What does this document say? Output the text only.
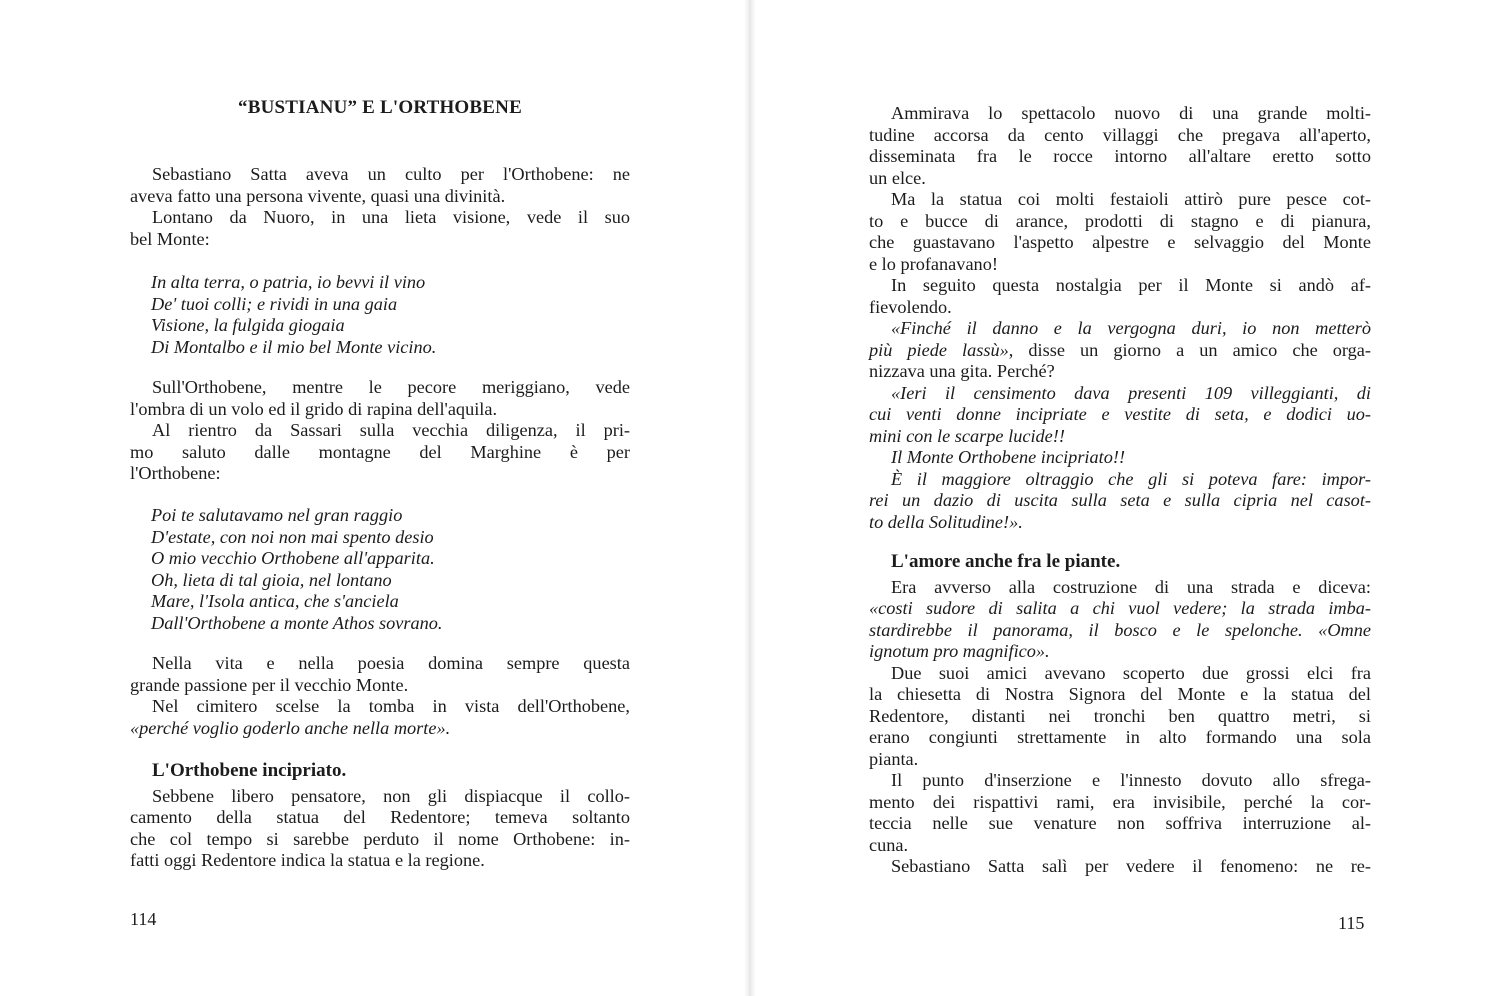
“BUSTIANU” E L'ORTHOBENE
Sebastiano Satta aveva un culto per l'Orthobene: ne
aveva fatto una persona vivente, quasi una divinità.
Lontano da Nuoro, in una lieta visione, vede il suo
bel Monte:
In alta terra, o patria, io bevvi il vino
De' tuoi colli; e rividi in una gaia
Visione, la fulgida giogaia
Di Montalbo e il mio bel Monte vicino.
Sull'Orthobene, mentre le pecore meriggiano, vede
l'ombra di un volo ed il grido di rapina dell'aquila.
Al rientro da Sassari sulla vecchia diligenza, il pri-
mo saluto dalle montagne del Marghine è per
l'Orthobene:
Poi te salutavamo nel gran raggio
D'estate, con noi non mai spento desio
O mio vecchio Orthobene all'apparita.
Oh, lieta di tal gioia, nel lontano
Mare, l'Isola antica, che s'anciela
Dall'Orthobene a monte Athos sovrano.
Nella vita e nella poesia domina sempre questa
grande passione per il vecchio Monte.
Nel cimitero scelse la tomba in vista dell'Orthobene,
«perché voglio goderlo anche nella morte».
L'Orthobene incipriato.
Sebbene libero pensatore, non gli dispiacque il collo-
camento della statua del Redentore; temeva soltanto
che col tempo si sarebbe perduto il nome Orthobene: in-
fatti oggi Redentore indica la statua e la regione.
114
Ammirava lo spettacolo nuovo di una grande molti-
tudine accorsa da cento villaggi che pregava all'aperto,
disseminata fra le rocce intorno all'altare eretto sotto
un elce.
Ma la statua coi molti festaioli attirò pure pesce cot-
to e bucce di arance, prodotti di stagno e di pianura,
che guastavano l'aspetto alpestre e selvaggio del Monte
e lo profanavano!
In seguito questa nostalgia per il Monte si andò af-
fievolendo.
«Finché il danno e la vergogna duri, io non metterò
più piede lassù», disse un giorno a un amico che orga-
nizzava una gita. Perché?
«Ieri il censimento dava presenti 109 villeggianti, di
cui venti donne incipriate e vestite di seta, e dodici uo-
mini con le scarpe lucide!!
Il Monte Orthobene incipriato!!
È il maggiore oltraggio che gli si poteva fare: impor-
rei un dazio di uscita sulla seta e sulla cipria nel casot-
to della Solitudine!».
L'amore anche fra le piante.
Era avverso alla costruzione di una strada e diceva:
«costi sudore di salita a chi vuol vedere; la strada imba-
stardirebbe il panorama, il bosco e le spelonche. «Omne
ignotum pro magnifico».
Due suoi amici avevano scoperto due grossi elci fra
la chiesetta di Nostra Signora del Monte e la statua del
Redentore, distanti nei tronchi ben quattro metri, si
erano congiunti strettamente in alto formando una sola
pianta.
Il punto d'inserzione e l'innesto dovuto allo sfrega-
mento dei rispattivi rami, era invisibile, perché la cor-
teccia nelle sue venature non soffriva interruzione al-
cuna.
Sebastiano Satta salì per vedere il fenomeno: ne re-
115
